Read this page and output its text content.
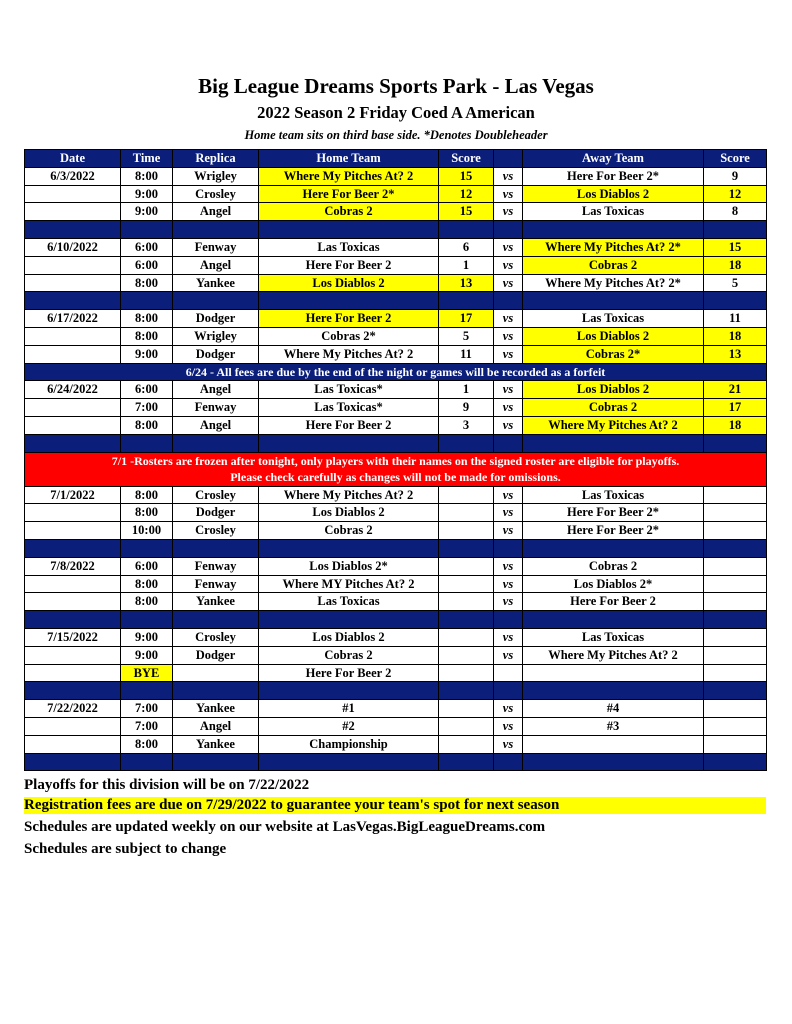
Big League Dreams Sports Park - Las Vegas
2022 Season 2 Friday Coed A American
Home team sits on third base side. *Denotes Doubleheader
Date	Time	Replica	Home Team	Score		Away Team	Score
6/3/2022	8:00	Wrigley	Where My Pitches At? 2	15	vs	Here For Beer 2*	9
	9:00	Crosley	Here For Beer 2*	12	vs	Los Diablos 2	12
	9:00	Angel	Cobras 2	15	vs	Las Toxicas	8

6/10/2022	6:00	Fenway	Las Toxicas	6	vs	Where My Pitches At? 2*	15
	6:00	Angel	Here For Beer 2	1	vs	Cobras 2	18
	8:00	Yankee	Los Diablos 2	13	vs	Where My Pitches At? 2*	5

6/17/2022	8:00	Dodger	Here For Beer 2	17	vs	Las Toxicas	11
	8:00	Wrigley	Cobras 2*	5	vs	Los Diablos 2	18
	9:00	Dodger	Where My Pitches At? 2	11	vs	Cobras 2*	13
6/24 - All fees are due by the end of the night or games will be recorded as a forfeit							
6/24/2022	6:00	Angel	Las Toxicas*	1	vs	Los Diablos 2	21
	7:00	Fenway	Las Toxicas*	9	vs	Cobras 2	17
	8:00	Angel	Here For Beer 2	3	vs	Where My Pitches At? 2	18

7/1 -Rosters are frozen after tonight, only players with their names on the signed roster are eligible for playoffs.
Please check carefully as changes will not be made for omissions.							

7/1/2022	8:00	Crosley	Where My Pitches At? 2		vs	Las Toxicas	
	8:00	Dodger	Los Diablos 2		vs	Here For Beer 2*	
	10:00	Crosley	Cobras 2		vs	Here For Beer 2*	

7/8/2022	6:00	Fenway	Los Diablos 2*		vs	Cobras 2	
	8:00	Fenway	Where MY Pitches At? 2		vs	Los Diablos 2*	
	8:00	Yankee	Las Toxicas		vs	Here For Beer 2	

7/15/2022	9:00	Crosley	Los Diablos 2		vs	Las Toxicas	
	9:00	Dodger	Cobras 2		vs	Where My Pitches At? 2	
	BYE		Here For Beer 2				

7/22/2022	7:00	Yankee	#1		vs	#4	
	7:00	Angel	#2		vs	#3	
	8:00	Yankee	Championship		vs		

Playoffs for this division will be on 7/22/2022
Registration fees are due on 7/29/2022 to guarantee your team's spot for next season
Schedules are updated weekly on our website at LasVegas.BigLeagueDreams.com
Schedules are subject to change
